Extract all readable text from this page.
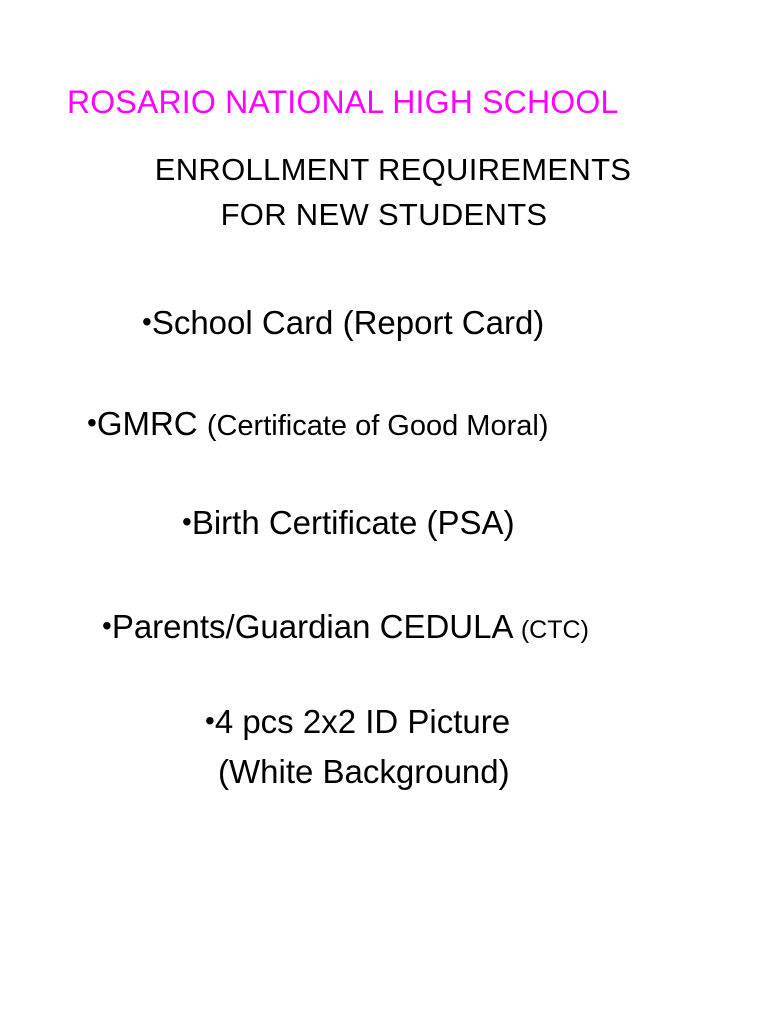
ROSARIO NATIONAL HIGH SCHOOL

ENROLLMENT REQUIREMENTS

FOR NEW STUDENTS

•School Card (Report Card)

•GMRC (Certificate of Good Moral)

•Birth Certificate (PSA)

•Parents/Guardian CEDULA (CTC)

•4 pcs 2x2 ID Picture

(White Background)
